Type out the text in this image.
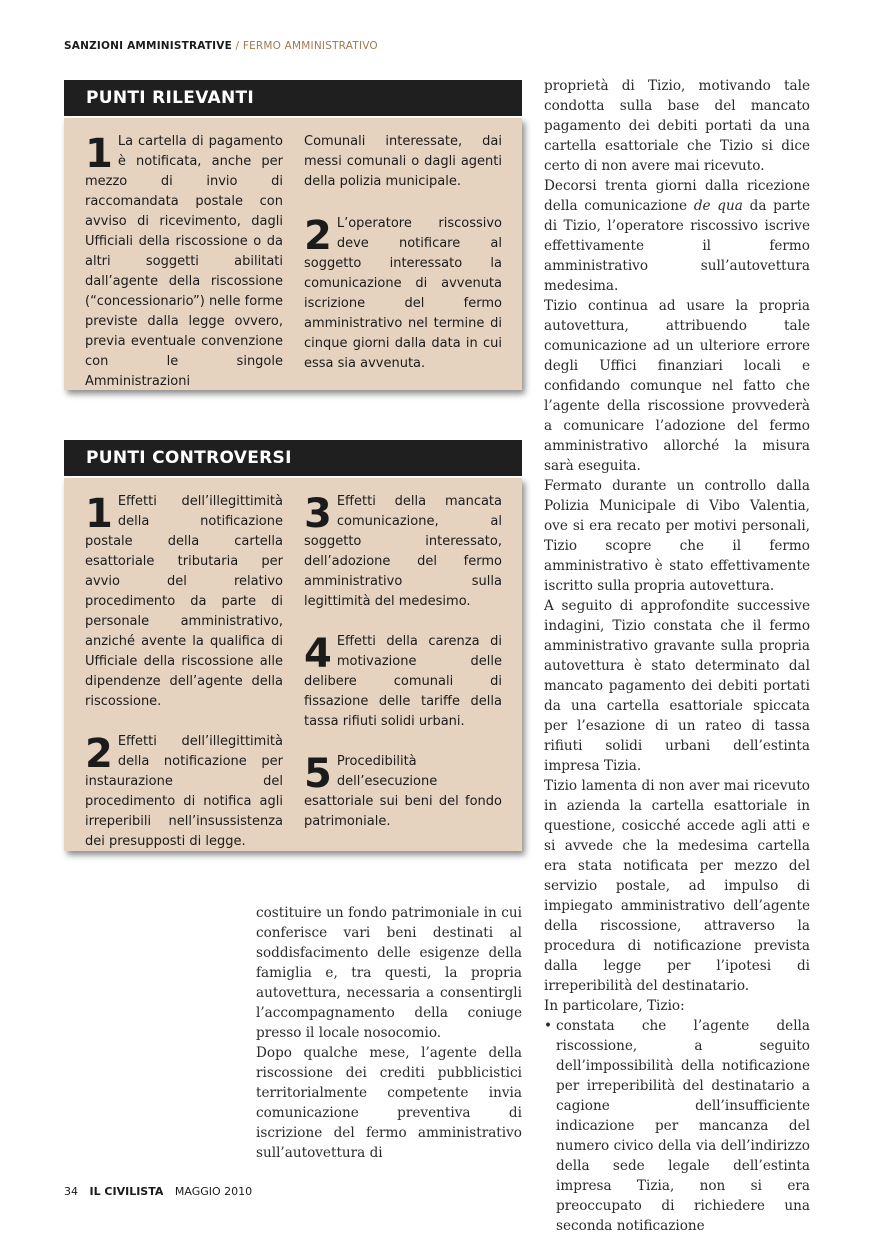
SANZIONI AMMINISTRATIVE / FERMO AMMINISTRATIVO
PUNTI RILEVANTI
1 La cartella di pagamento è notificata, anche per mezzo di invio di raccomandata postale con avviso di ricevimento, dagli Ufficiali della riscossione o da altri soggetti abilitati dall’agente della riscossione (“concessionario”) nelle forme previste dalla legge ovvero, previa eventuale convenzione con le singole Amministrazioni
Comunali interessate, dai messi comunali o dagli agenti della polizia municipale.
2 L’operatore riscossivo deve notificare al soggetto interessato la comunicazione di avvenuta iscrizione del fermo amministrativo nel termine di cinque giorni dalla data in cui essa sia avvenuta.
PUNTI CONTROVERSI
1 Effetti dell’illegittimità della notificazione postale della cartella esattoriale tributaria per avvio del relativo procedimento da parte di personale amministrativo, anziché avente la qualifica di Ufficiale della riscossione alle dipendenze dell’agente della riscossione.
2 Effetti dell’illegittimità della notificazione per instaurazione del procedimento di notifica agli irreperibili nell’insussistenza dei presupposti di legge.
3 Effetti della mancata comunicazione, al soggetto interessato, dell’adozione del fermo amministrativo sulla legittimità del medesimo.
4 Effetti della carenza di motivazione delle delibere comunali di fissazione delle tariffe della tassa rifiuti solidi urbani.
5 Procedibilità dell’esecuzione esattoriale sui beni del fondo patrimoniale.

costituire un fondo patrimoniale in cui conferisce vari beni destinati al soddisfacimento delle esigenze della famiglia e, tra questi, la propria autovettura, necessaria a consentirgli l’accompagnamento della coniuge presso il locale nosocomio.

Dopo qualche mese, l’agente della riscossione dei crediti pubblicistici territorialmente competente invia comunicazione preventiva di iscrizione del fermo amministrativo sull’autovettura di

proprietà di Tizio, motivando tale condotta sulla base del mancato pagamento dei debiti portati da una cartella esattoriale che Tizio si dice certo di non avere mai ricevuto.

Decorsi trenta giorni dalla ricezione della comunicazione de qua da parte di Tizio, l’operatore riscossivo iscrive effettivamente il fermo amministrativo sull’autovettura medesima.

Tizio continua ad usare la propria autovettura, attribuendo tale comunicazione ad un ulteriore errore degli Uffici finanziari locali e confidando comunque nel fatto che l’agente della riscossione provvederà a comunicare l’adozione del fermo amministrativo allorché la misura sarà eseguita.

Fermato durante un controllo dalla Polizia Municipale di Vibo Valentia, ove si era recato per motivi personali, Tizio scopre che il fermo amministrativo è stato effettivamente iscritto sulla propria autovettura.

A seguito di approfondite successive indagini, Tizio constata che il fermo amministrativo gravante sulla propria autovettura è stato determinato dal mancato pagamento dei debiti portati da una cartella esattoriale spiccata per l’esazione di un rateo di tassa rifiuti solidi urbani dell’estinta impresa Tizia.

Tizio lamenta di non aver mai ricevuto in azienda la cartella esattoriale in questione, cosicché accede agli atti e si avvede che la medesima cartella era stata notificata per mezzo del servizio postale, ad impulso di impiegato amministrativo dell’agente della riscossione, attraverso la procedura di notificazione prevista dalla legge per l’ipotesi di irreperibilità del destinatario.

In particolare, Tizio:

• constata che l’agente della riscossione, a seguito dell’impossibilità della notificazione per irreperibilità del destinatario a cagione dell’insufficiente indicazione per mancanza del numero civico della via dell’indirizzo della sede legale dell’estinta impresa Tizia, non si era preoccupato di richiedere una seconda notificazione
34 IL CIVILISTA MAGGIO 2010
